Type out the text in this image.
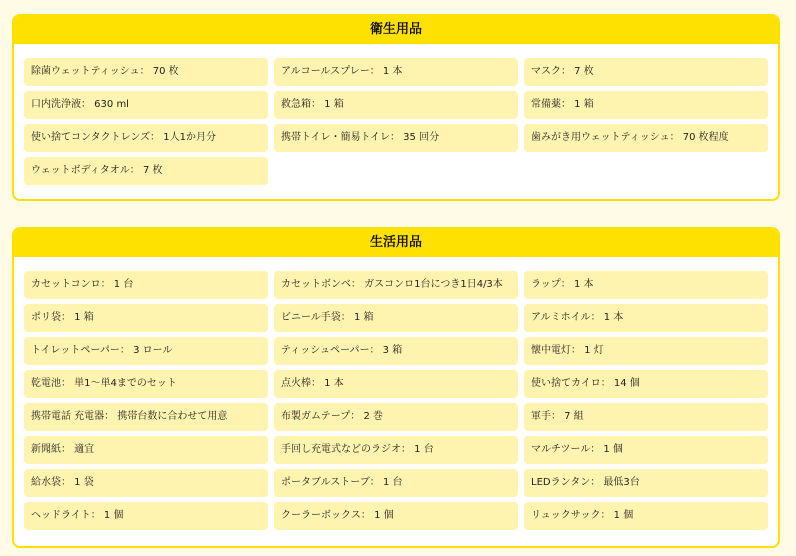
衛生用品
除菌ウェットティッシュ： 70 枚	アルコールスプレー： 1 本	マスク： 7 枚
口内洗浄液： 630 ml	救急箱： 1 箱	常備薬： 1 箱
使い捨てコンタクトレンズ： 1人1か月分	携帯トイレ・簡易トイレ： 35 回分	歯みがき用ウェットティッシュ： 70 枚程度
ウェットボディタオル： 7 枚
生活用品
カセットコンロ： 1 台	カセットボンベ： ガスコンロ1台につき1日4/3本	ラップ： 1 本
ポリ袋： 1 箱	ビニール手袋： 1 箱	アルミホイル： 1 本
トイレットペーパー： 3 ロール	ティッシュペーパー： 3 箱	懐中電灯： 1 灯
乾電池： 単1〜単4までのセット	点火棒： 1 本	使い捨てカイロ： 14 個
携帯電話 充電器： 携帯台数に合わせて用意	布製ガムテープ： 2 巻	軍手： 7 組
新聞紙： 適宜	手回し充電式などのラジオ： 1 台	マルチツール： 1 個
給水袋： 1 袋	ポータブルストーブ： 1 台	LEDランタン： 最低3台
ヘッドライト： 1 個	クーラーボックス： 1 個	リュックサック： 1 個
